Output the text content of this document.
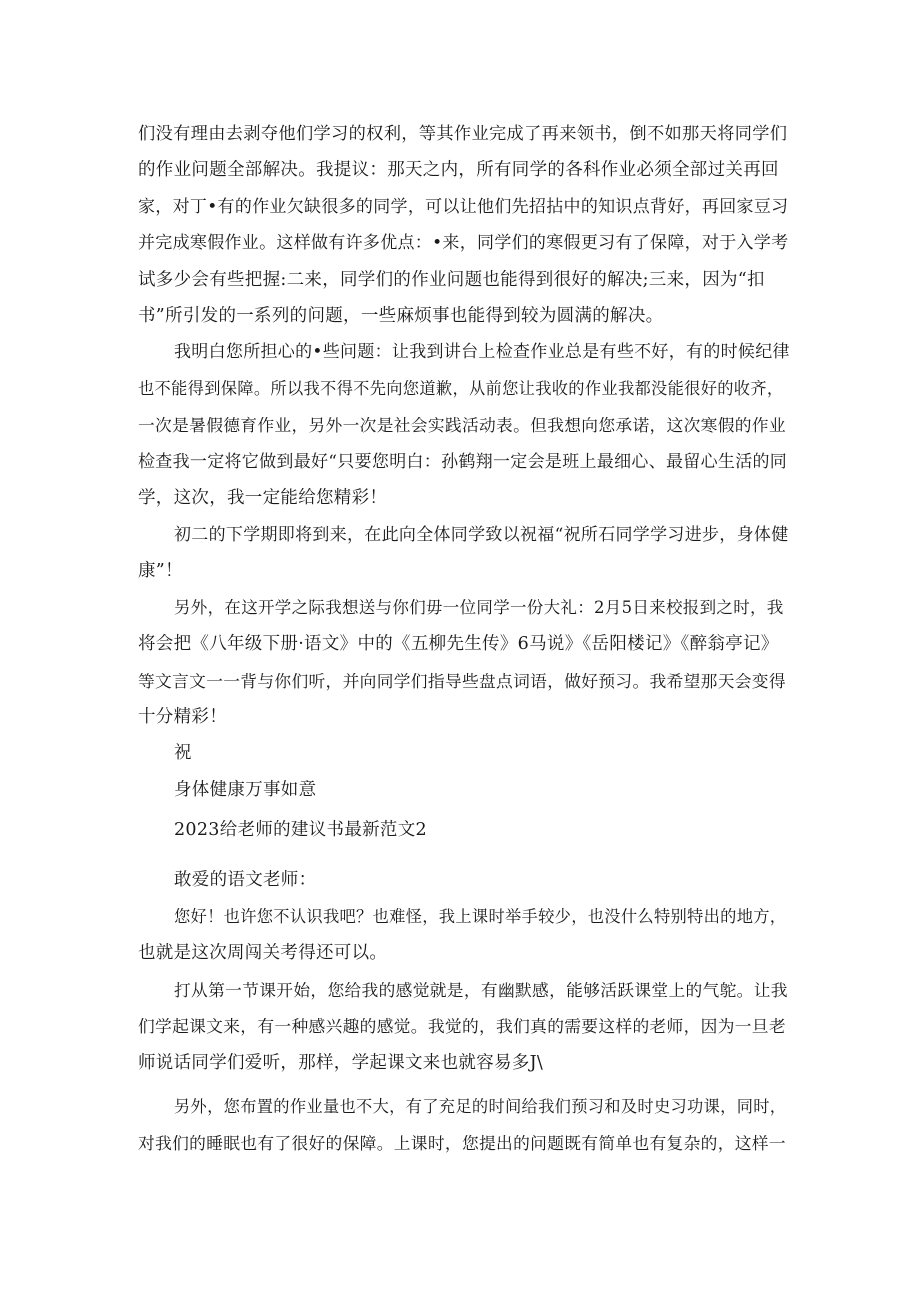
们没有理由去剥夺他们学习的权利，等其作业完成了再来领书，倒不如那天将同学们
的作业问题全部解决。我提议：那天之内，所有同学的各科作业必须全部过关再回
家，对丁•有的作业欠缺很多的同学，可以让他们先招拈中的知识点背好，再回家豆习
并完成寒假作业。这样做有许多优点：•来，同学们的寒假更习有了保障，对于入学考
试多少会有些把握:二来，同学们的作业问题也能得到很好的解决;三来，因为“扣
书”所引发的一系列的问题，一些麻烦事也能得到较为圆满的解决。
我明白您所担心的•些问题：让我到讲台上检查作业总是有些不好，有的时候纪律
也不能得到保障。所以我不得不先向您道歉，从前您让我收的作业我都没能很好的收齐，
一次是暑假德育作业，另外一次是社会实践活动表。但我想向您承诺，这次寒假的作业
检查我一定将它做到最好“只要您明白：孙鹤翔一定会是班上最细心、最留心生活的同
学，这次，我一定能给您精彩！
初二的下学期即将到来，在此向全体同学致以祝福“祝所石同学学习进步，身体健
康”！
另外，在这开学之际我想送与你们毋一位同学一份大礼：2月5日来校报到之时，我
将会把《八年级下册·语文》中的《五柳先生传》6马说》《岳阳楼记》《醉翁亭记》
等文言文一一背与你们听，并向同学们指导些盘点词语，做好预习。我希望那天会变得
十分精彩！
祝
身体健康万事如意
2023给老师的建议书最新范文2
敢爱的语文老师：
您好！也许您不认识我吧？也难怪，我上课时举手较少，也没什么特别特出的地方，
也就是这次周闯关考得还可以。
打从第一节课开始，您给我的感觉就是，有幽默感，能够活跃课堂上的气鸵。让我
们学起课文来，有一种感兴趣的感觉。我觉的，我们真的需要这样的老师，因为一旦老
师说话同学们爱听，那样，学起课文来也就容易多J\
另外，您布置的作业量也不大，有了充足的时间给我们预习和及时史习功课，同时，
对我们的睡眠也有了很好的保障。上课时，您提出的问题既有简单也有复杂的，这样一
